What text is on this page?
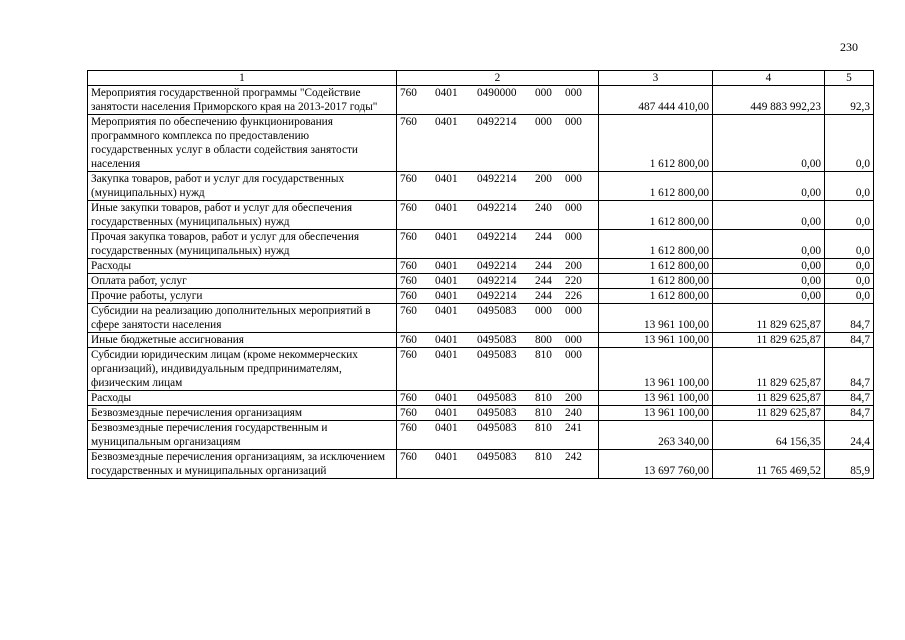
230
1	2	3	4	5
Мероприятия государственной программы "Содействие занятости населения Приморского края на 2013-2017 годы"	760 0401 0490000 000 000	487 444 410,00	449 883 992,23	92,3
Мероприятия по обеспечению функционирования программного комплекса по предоставлению государственных услуг в области содействия занятости населения	760 0401 0492214 000 000	1 612 800,00	0,00	0,0
Закупка товаров, работ и услуг для государственных (муниципальных) нужд	760 0401 0492214 200 000	1 612 800,00	0,00	0,0
Иные закупки товаров, работ и услуг для обеспечения государственных (муниципальных) нужд	760 0401 0492214 240 000	1 612 800,00	0,00	0,0
Прочая закупка товаров, работ и услуг для обеспечения государственных (муниципальных) нужд	760 0401 0492214 244 000	1 612 800,00	0,00	0,0
Расходы	760 0401 0492214 244 200	1 612 800,00	0,00	0,0
Оплата работ, услуг	760 0401 0492214 244 220	1 612 800,00	0,00	0,0
Прочие работы, услуги	760 0401 0492214 244 226	1 612 800,00	0,00	0,0
Субсидии на реализацию дополнительных мероприятий в сфере занятости населения	760 0401 0495083 000 000	13 961 100,00	11 829 625,87	84,7
Иные бюджетные ассигнования	760 0401 0495083 800 000	13 961 100,00	11 829 625,87	84,7
Субсидии юридическим лицам (кроме некоммерческих организаций), индивидуальным предпринимателям, физическим лицам	760 0401 0495083 810 000	13 961 100,00	11 829 625,87	84,7
Расходы	760 0401 0495083 810 200	13 961 100,00	11 829 625,87	84,7
Безвозмездные перечисления организациям	760 0401 0495083 810 240	13 961 100,00	11 829 625,87	84,7
Безвозмездные перечисления государственным и муниципальным организациям	760 0401 0495083 810 241	263 340,00	64 156,35	24,4
Безвозмездные перечисления организациям, за исключением государственных и муниципальных организаций	760 0401 0495083 810 242	13 697 760,00	11 765 469,52	85,9
